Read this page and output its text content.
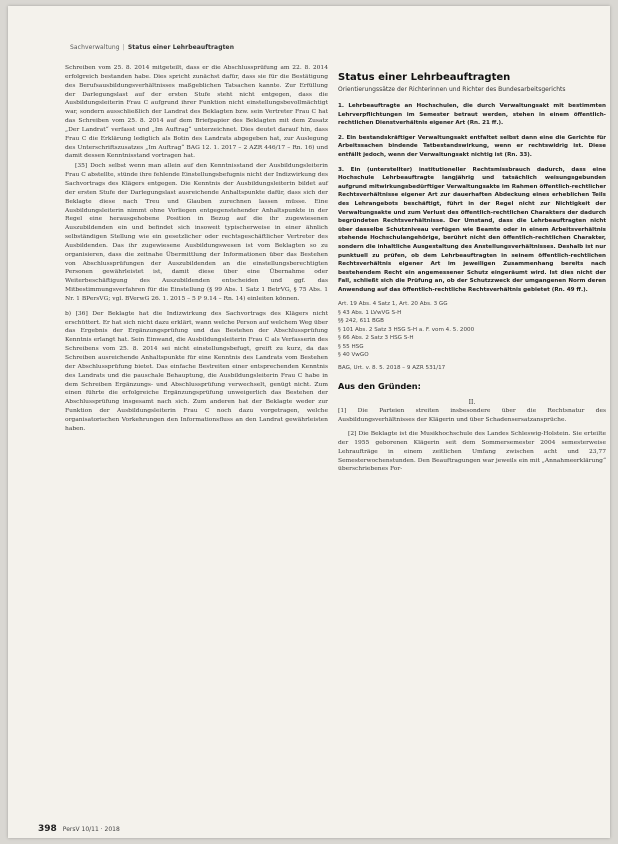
Sachverwaltung | Status einer Lehrbeauftragten

Schreiben vom 25. 8. 2014 mitgeteilt, dass er die Abschlussprüfung am 22. 8. 2014 erfolgreich bestanden habe. Dies spricht zunächst dafür, dass sie für die Bestätigung des Berufsausbildungsverhältnisses maßgeblichen Tatsachen kannte. Zur Erfüllung der Darlegungslast auf der ersten Stufe steht nicht entgegen, dass die Ausbildungsleiterin Frau C aufgrund ihrer Funktion nicht einstellungsbevollmächtigt war, sondern ausschließlich der Landrat des Beklagten bzw. sein Vertreter Frau C hat das Schreiben vom 25. 8. 2014 auf dem Briefpapier des Beklagten mit dem Zusatz „Der Landrat“ verfasst und „Im Auftrag“ unterzeichnet. Dies deutet darauf hin, dass Frau C die Erklärung lediglich als Botin des Landrats abgegeben hat, zur Auslegung des Unterschriftszusatzes „Im Auftrag“ BAG 12. 1. 2017 – 2 AZR 446/17 – Rn. 16) und damit dessen Kenntnisstand vortragen hat.

[35] Doch selbst wenn man allein auf den Kenntnisstand der Ausbildungsleiterin Frau C abstellte, stünde ihre fehlende Einstellungsbefugnis nicht der Indizwirkung des Sachvortrags des Klägers entgegen. Die Kenntnis der Ausbildungsleiterin bildet auf der ersten Stufe der Darlegungslast ausreichende Anhaltspunkte dafür, dass sich der Beklagte diese nach Treu und Glauben zurechnen lassen müsse. Eine Ausbildungsleiterin nimmt ohne Vorliegen entgegenstehender Anhaltspunkte in der Regel eine herausgehobene Position in Bezug auf die ihr zugewiesenen Auszubildenden ein und befindet sich insoweit typischerweise in einer ähnlich selbständigen Stellung wie ein gesetzlicher oder rechtsgeschäftlicher Vertreter des Ausbildenden. Das ihr zugewiesene Ausbildungswesen ist vom Beklagten so zu organisieren, dass die zeitnahe Übermittlung der Informationen über das Bestehen von Abschlussprüfungen der Auszubildenden an die einstellungsberechtigten Personen gewährleistet ist, damit diese über eine Übernahme oder Weiterbeschäftigung des Auszubildenden entscheiden und ggf. das Mitbestimmungsverfahren für die Einstellung (§ 99 Abs. 1 Satz 1 BetrVG, § 75 Abs. 1 Nr. 1 BPersVG; vgl. BVerwG 26. 1. 2015 – 5 P 9.14 – Rn. 14) einleiten können.

b) [36] Der Beklagte hat die Indizwirkung des Sachvortrags des Klägers nicht erschüttert. Er hat sich nicht dazu erklärt, wann welche Person auf welchem Weg über das Ergebnis der Ergänzungsprüfung und das Bestehen der Abschlussprüfung Kenntnis erlangt hat. Sein Einwand, die Ausbildungsleiterin Frau C als Verfasserin des Schreibens vom 25. 8. 2014 sei nicht einstellungsbefugt, greift zu kurz, da das Schreiben ausreichende Anhaltspunkte für eine Kenntnis des Landrats vom Bestehen der Abschlussprüfung bietet. Das einfache Bestreiten einer entsprechenden Kenntnis des Landrats und die pauschale Behauptung, die Ausbildungsleiterin Frau C habe in dem Schreiben Ergänzungs- und Abschlussprüfung verwechselt, genügt nicht. Zum einen führte die erfolgreiche Ergänzungsprüfung unweigerlich das Bestehen der Abschlussprüfung insgesamt nach sich. Zum anderen hat der Beklagte weder zur Funktion der Ausbildungsleiterin Frau C noch dazu vorgetragen, welche organisatorischen Vorkehrungen den Informationsfluss an den Landrat gewährleisten haben.

Status einer Lehrbeauftragten

Orientierungssätze der Richterinnen und Richter des Bundesarbeitsgerichts

1. Lehrbeauftragte an Hochschulen, die durch Verwaltungsakt mit bestimmten Lehrverpflichtungen im Semester betraut werden, stehen in einem öffentlich-rechtlichen Dienstverhältnis eigener Art (Rn. 21 ff.).

2. Ein bestandskräftiger Verwaltungsakt entfaltet selbst dann eine die Gerichte für Arbeitssachen bindende Tatbestandswirkung, wenn er rechtswidrig ist. Diese entfällt jedoch, wenn der Verwaltungsakt nichtig ist (Rn. 33).

3. Ein (unterstellter) institutioneller Rechtsmissbrauch dadurch, dass eine Hochschule Lehrbeauftragte langjährig und tatsächlich weisungsgebunden aufgrund mitwirkungsbedürftiger Verwaltungsakte im Rahmen öffentlich-rechtlicher Rechtsverhältnisse eigener Art zur dauerhaften Abdeckung eines erheblichen Teils des Lehrangebots beschäftigt, führt in der Regel nicht zur Nichtigkeit der Verwaltungsakte und zum Verlust des öffentlich-rechtlichen Charakters der dadurch begründeten Rechtsverhältnisse. Der Umstand, dass die Lehrbeauftragten nicht über dasselbe Schutzniveau verfügen wie Beamte oder in einem Arbeitsverhältnis stehende Hochschulangehörige, berührt nicht den öffentlich-rechtlichen Charakter, sondern die inhaltliche Ausgestaltung des Anstellungsverhältnisses. Deshalb ist nur punktuell zu prüfen, ob dem Lehrbeauftragten in seinem öffentlich-rechtlichen Rechtsverhältnis eigener Art im jeweiligen Zusammenhang bereits nach bestehendem Recht ein angemessener Schutz eingeräumt wird. Ist dies nicht der Fall, schließt sich die Prüfung an, ob der Schutzzweck der umgangenen Norm deren Anwendung auf das öffentlich-rechtliche Rechtsverhältnis gebietet (Rn. 49 ff.).

Art. 19 Abs. 4 Satz 1, Art. 20 Abs. 3 GG
§ 43 Abs. 1 LVwVG S-H
§§ 242, 611 BGB
§ 101 Abs. 2 Satz 3 HSG S-H a. F. vom 4. 5. 2000
§ 66 Abs. 2 Satz 3 HSG S-H
§ 55 HSG
§ 40 VwGO

BAG, Urt. v. 8. 5. 2018 – 9 AZR 531/17

Aus den Gründen:

II.

[1] Die Parteien streiten insbesondere über die Rechtsnatur des Ausbildungsverhältnisses der Klägerin und über Schadensersatzansprüche.

[2] Die Beklagte ist die Musikhochschule des Landes Schleswig-Holstein. Sie erteilte der 1955 geborenen Klägerin seit dem Sommersemester 2004 semesterweise Lehraufträge in einem zeitlichen Umfang zwischen acht und 23,77 Semesterwochenstunden. Den Beauftragungen war jeweils ein mit „Annahmeerklärung“ überschriebenes For-

398 PersV 10/11 · 2018
